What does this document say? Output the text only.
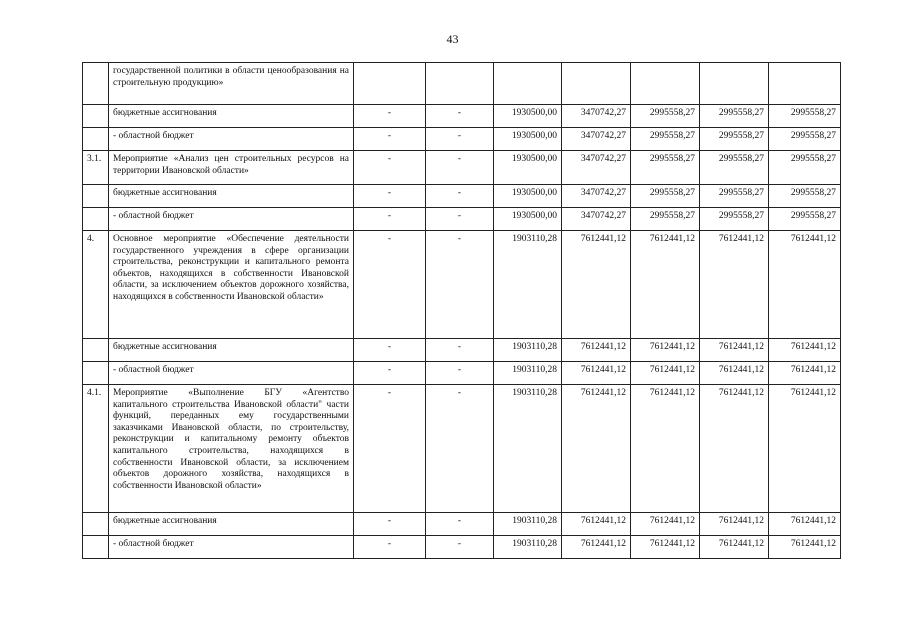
43
	государственной политики в области ценообразования на строительную продукцию»							
	бюджетные ассигнования	-	-	1930500,00	3470742,27	2995558,27	2995558,27	2995558,27
	- областной бюджет	-	-	1930500,00	3470742,27	2995558,27	2995558,27	2995558,27
3.1.	Мероприятие «Анализ цен строительных ресурсов на территории Ивановской области»	-	-	1930500,00	3470742,27	2995558,27	2995558,27	2995558,27
	бюджетные ассигнования	-	-	1930500,00	3470742,27	2995558,27	2995558,27	2995558,27
	- областной бюджет	-	-	1930500,00	3470742,27	2995558,27	2995558,27	2995558,27
4.	Основное мероприятие «Обеспечение деятельности государственного учреждения в сфере организации строительства, реконструкции и капитального ремонта объектов, находящихся в собственности Ивановской области, за исключением объектов дорожного хозяйства, находящихся в собственности Ивановской области»	-	-	1903110,28	7612441,12	7612441,12	7612441,12	7612441,12
	бюджетные ассигнования	-	-	1903110,28	7612441,12	7612441,12	7612441,12	7612441,12
	- областной бюджет	-	-	1903110,28	7612441,12	7612441,12	7612441,12	7612441,12
4.1.	Мероприятие «Выполнение БГУ «Агентство капитального строительства Ивановской области" части функций, переданных ему государственными заказчиками Ивановской области, по строительству, реконструкции и капитальному ремонту объектов капитального строительства, находящихся в собственности Ивановской области, за исключением объектов дорожного хозяйства, находящихся в собственности Ивановской области»	-	-	1903110,28	7612441,12	7612441,12	7612441,12	7612441,12
	бюджетные ассигнования	-	-	1903110,28	7612441,12	7612441,12	7612441,12	7612441,12
	- областной бюджет	-	-	1903110,28	7612441,12	7612441,12	7612441,12	7612441,12
